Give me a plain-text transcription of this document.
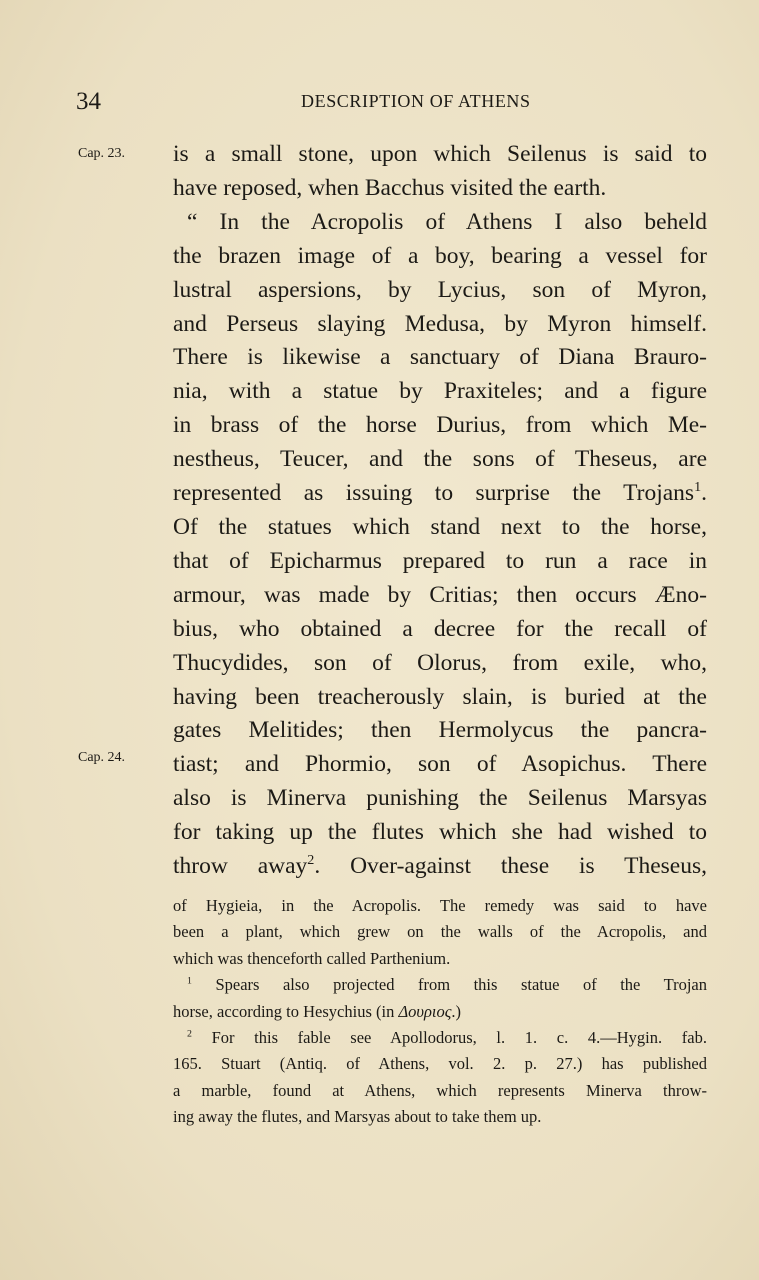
34	DESCRIPTION OF ATHENS
Cap. 23.
Cap. 24.
is a small stone, upon which Seilenus is said to
have reposed, when Bacchus visited the earth.
“ In the Acropolis of Athens I also beheld
the brazen image of a boy, bearing a vessel for
lustral aspersions, by Lycius, son of Myron,
and Perseus slaying Medusa, by Myron himself.
There is likewise a sanctuary of Diana Braurо-
nia, with a statue by Praxiteles; and a figure
in brass of the horse Durius, from which Me-
nestheus, Teucer, and the sons of Theseus, are
represented as issuing to surprise the Trojans$^1$.
Of the statues which stand next to the horse,
that of Epicharmus prepared to run a race in
armour, was made by Critias; then occurs Æno-
bius, who obtained a decree for the recall of
Thucydides, son of Olorus, from exile, who,
having been treacherously slain, is buried at the
gates Melitides; then Hermolycus the pancra-
tiast; and Phormio, son of Asopichus. There
also is Minerva punishing the Seilenus Marsyas
for taking up the flutes which she had wished to
throw away$^2$. Over-against these is Theseus,
of Hygieia, in the Acropolis. The remedy was said to have
been a plant, which grew on the walls of the Acropolis, and
which was thenceforth called Parthenium.
$^1$ Spears also projected from this statue of the Trojan
horse, according to Hesychius (in Δουριος.)
$^2$ For this fable see Apollodorus, l. 1. c. 4.—Hygin. fab.
165. Stuart (Antiq. of Athens, vol. 2. p. 27.) has published
a marble, found at Athens, which represents Minerva throw-
ing away the flutes, and Marsyas about to take them up.
